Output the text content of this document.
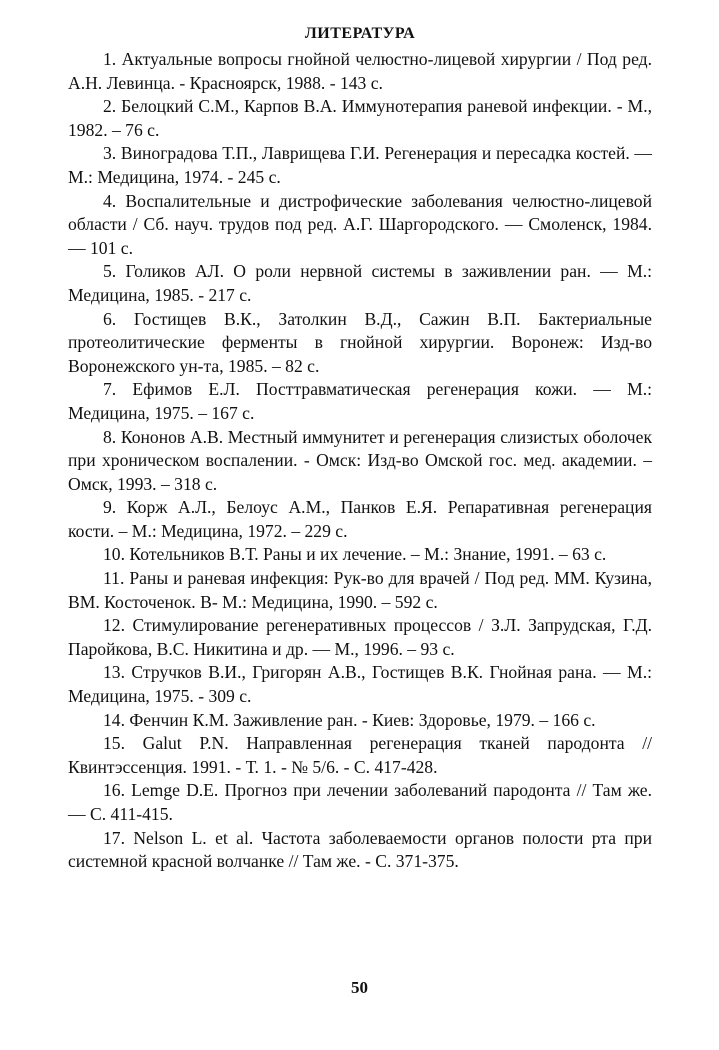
ЛИТЕРАТУРА
1. Актуальные вопросы гнойной челюстно-лицевой хирургии / Под ред. А.Н. Левинца. - Красноярск, 1988. - 143 с.
2. Белоцкий С.М., Карпов В.А. Иммунотерапия раневой инфекции. - М., 1982. – 76 с.
3. Виноградова Т.П., Лаврищева Г.И. Регенерация и пересадка костей. — М.: Медицина, 1974. - 245 с.
4. Воспалительные и дистрофические заболевания челюстно-лицевой области / Сб. науч. трудов под ред. А.Г. Шаргородского. — Смоленск, 1984. — 101 с.
5. Голиков АЛ. О роли нервной системы в заживлении ран. — М.: Медицина, 1985. - 217 с.
6. Гостищев В.К., Затолкин В.Д., Сажин В.П. Бактериальные протеолитические ферменты в гнойной хирургии. Воронеж: Изд-во Воронежского ун-та, 1985. – 82 с.
7. Ефимов Е.Л. Посттравматическая регенерация кожи. — М.: Медицина, 1975. – 167 с.
8. Кононов А.В. Местный иммунитет и регенерация слизистых оболочек при хроническом воспалении. - Омск: Изд-во Омской гос. мед. академии. – Омск, 1993. – 318 с.
9. Корж А.Л., Белоус А.М., Панков Е.Я. Репаративная регенерация кости. – М.: Медицина, 1972. – 229 с.
10. Котельников В.Т. Раны и их лечение. – М.: Знание, 1991. – 63 с.
11. Раны и раневая инфекция: Рук-во для врачей / Под ред. ММ. Кузина, ВМ. Косточенок. В- М.: Медицина, 1990. – 592 с.
12. Стимулирование регенеративных процессов / З.Л. Запрудская, Г.Д. Паройкова, В.С. Никитина и др. — М., 1996. – 93 с.
13. Стручков В.И., Григорян А.В., Гостищев В.К. Гнойная рана. — М.: Медицина, 1975. - 309 с.
14. Фенчин К.М. Заживление ран. - Киев: Здоровье, 1979. – 166 с.
15. Galut P.N. Направленная регенерация тканей пародонта // Квинтэссенция. 1991. - Т. 1. - № 5/6. - С. 417-428.
16. Lemge D.E. Прогноз при лечении заболеваний пародонта // Там же. — С. 411-415.
17. Nelson L. et al. Частота заболеваемости органов полости рта при системной красной волчанке // Там же. - С. 371-375.
50
